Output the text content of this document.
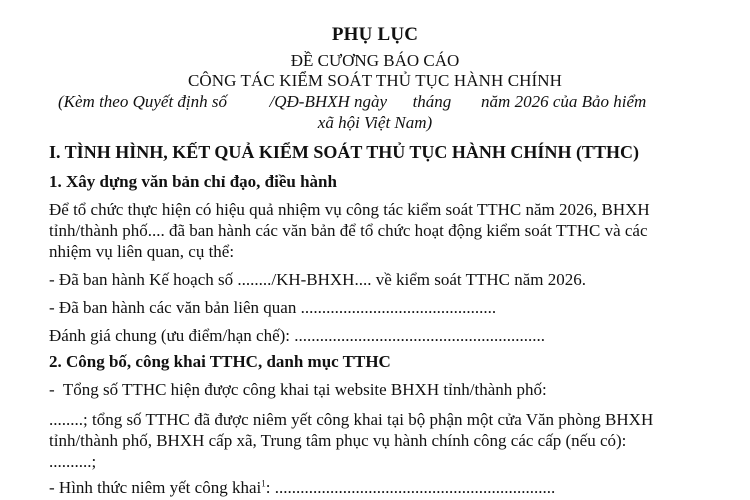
PHỤ LỤC
ĐỀ CƯƠNG BÁO CÁO
CÔNG TÁC KIỂM SOÁT THỦ TỤC HÀNH CHÍNH
(Kèm theo Quyết định số          /QĐ-BHXH ngày      tháng       năm 2026 của Bảo hiểm
xã hội Việt Nam)
I. TÌNH HÌNH, KẾT QUẢ KIỂM SOÁT THỦ TỤC HÀNH CHÍNH (TTHC)
1. Xây dựng văn bản chỉ đạo, điều hành
Để tổ chức thực hiện có hiệu quả nhiệm vụ công tác kiểm soát TTHC năm 2026, BHXH
tỉnh/thành phố.... đã ban hành các văn bản để tổ chức hoạt động kiểm soát TTHC và các
nhiệm vụ liên quan, cụ thể:
- Đã ban hành Kế hoạch số ......../KH-BHXH.... về kiểm soát TTHC năm 2026.
- Đã ban hành các văn bản liên quan ..............................................
Đánh giá chung (ưu điểm/hạn chế): ...........................................................
2. Công bố, công khai TTHC, danh mục TTHC
-  Tổng số TTHC hiện được công khai tại website BHXH tỉnh/thành phố:
........; tổng số TTHC đã được niêm yết công khai tại bộ phận một cửa Văn phòng BHXH
tỉnh/thành phố, BHXH cấp xã, Trung tâm phục vụ hành chính công các cấp (nếu có):
..........;
- Hình thức niêm yết công khai$^1$: ..................................................................
